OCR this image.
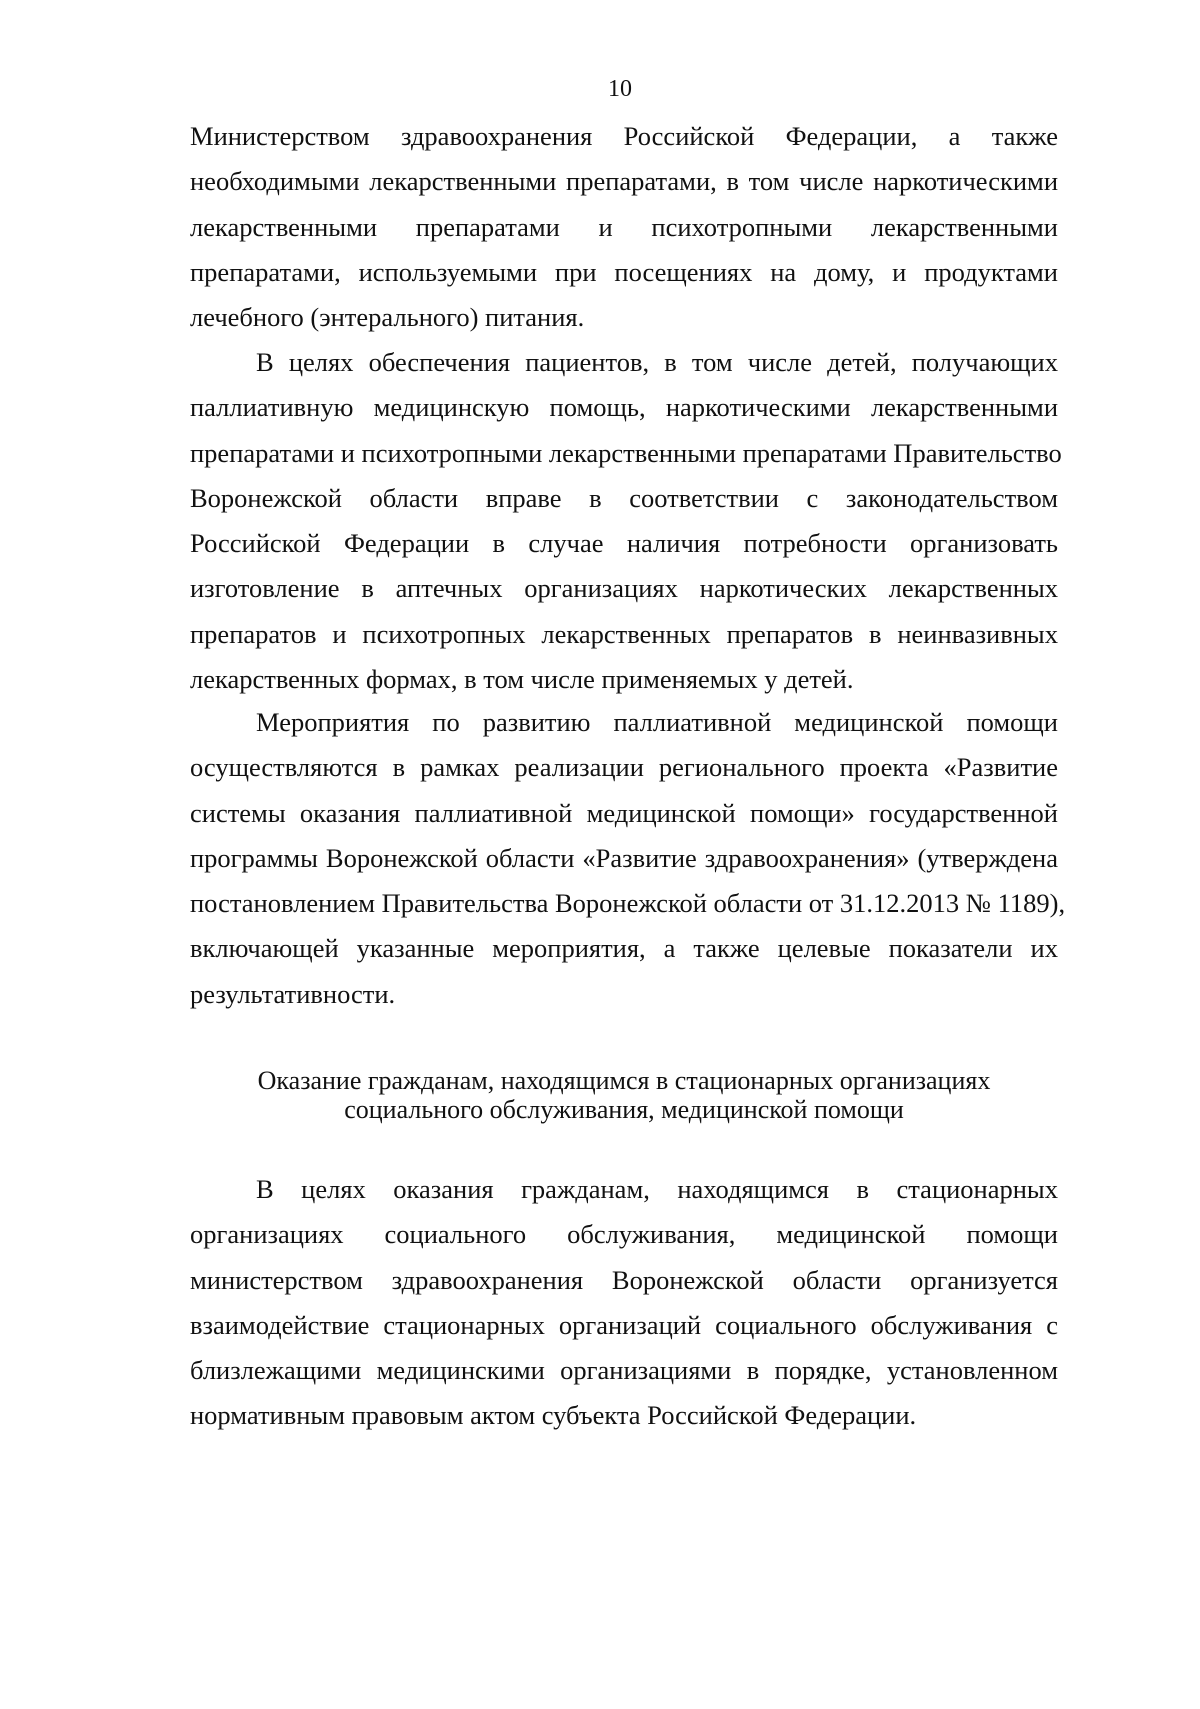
10
Министерством здравоохранения Российской Федерации, а также
необходимыми лекарственными препаратами, в том числе наркотическими
лекарственными препаратами и психотропными лекарственными
препаратами, используемыми при посещениях на дому, и продуктами
лечебного (энтерального) питания.
В целях обеспечения пациентов, в том числе детей, получающих
паллиативную медицинскую помощь, наркотическими лекарственными
препаратами и психотропными лекарственными препаратами Правительство
Воронежской области вправе в соответствии с законодательством
Российской Федерации в случае наличия потребности организовать
изготовление в аптечных организациях наркотических лекарственных
препаратов и психотропных лекарственных препаратов в неинвазивных
лекарственных формах, в том числе применяемых у детей.
Мероприятия по развитию паллиативной медицинской помощи
осуществляются в рамках реализации регионального проекта «Развитие
системы оказания паллиативной медицинской помощи» государственной
программы Воронежской области «Развитие здравоохранения» (утверждена
постановлением Правительства Воронежской области от 31.12.2013 № 1189),
включающей указанные мероприятия, а также целевые показатели их
результативности.
Оказание гражданам, находящимся в стационарных организациях
социального обслуживания, медицинской помощи
В целях оказания гражданам, находящимся в стационарных
организациях социального обслуживания, медицинской помощи
министерством здравоохранения Воронежской области организуется
взаимодействие стационарных организаций социального обслуживания с
близлежащими медицинскими организациями в порядке, установленном
нормативным правовым актом субъекта Российской Федерации.
